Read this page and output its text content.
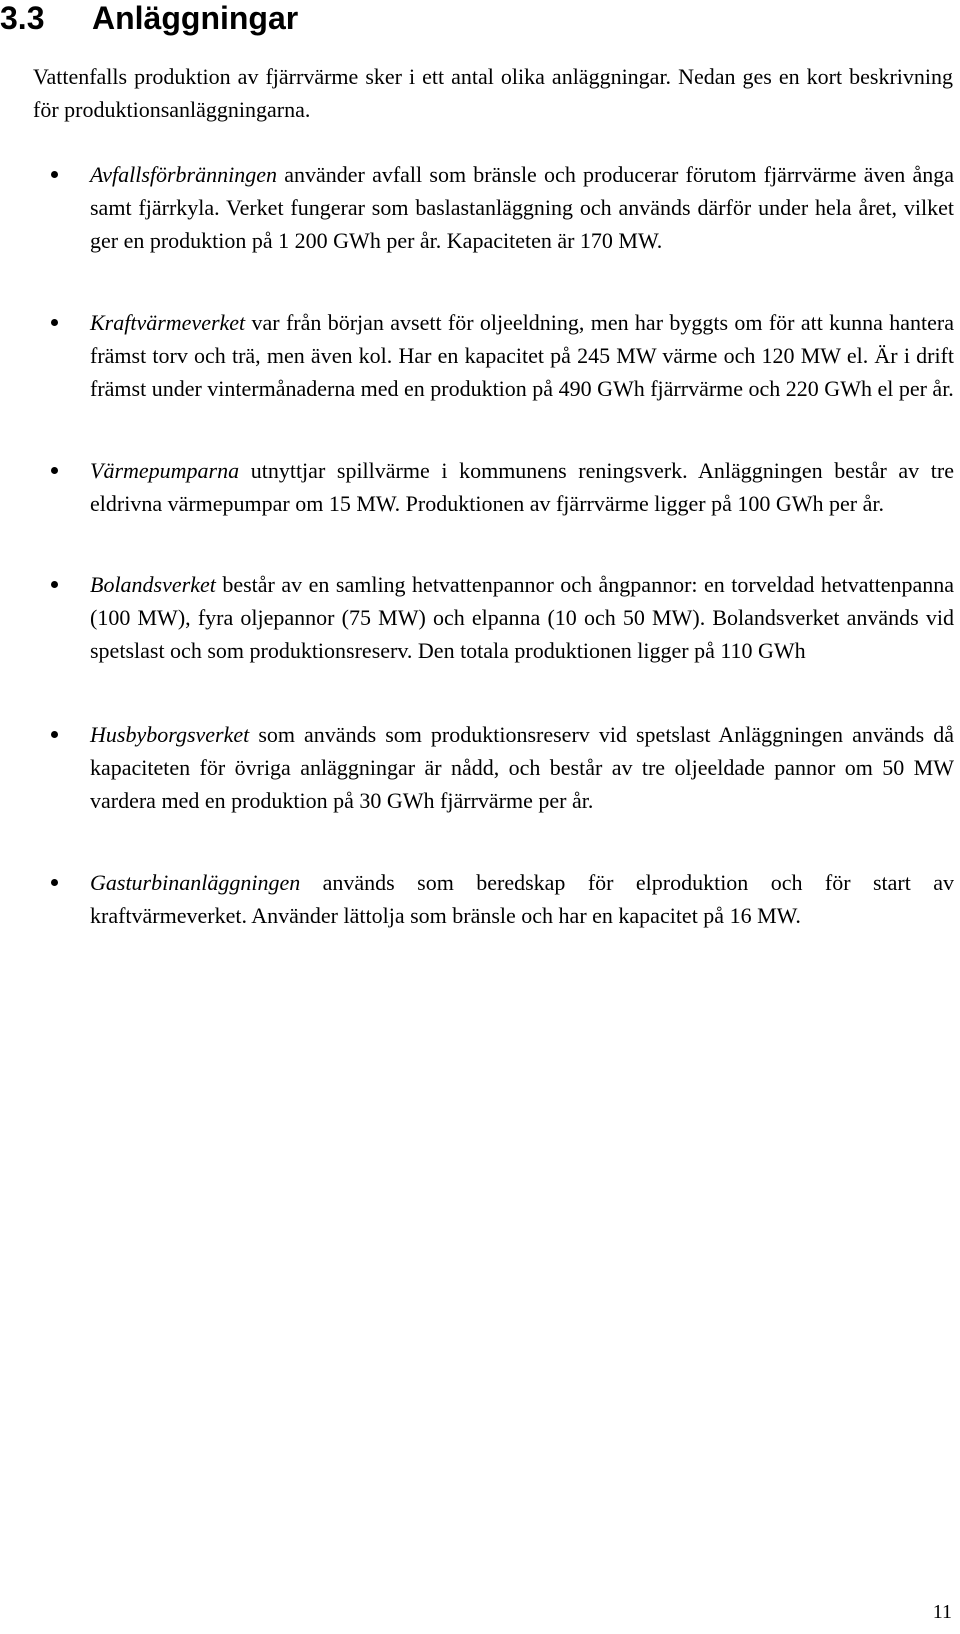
3.3 Anläggningar

Vattenfalls produktion av fjärrvärme sker i ett antal olika anläggningar. Nedan ges en kort beskrivning för produktionsanläggningarna.

Avfallsförbränningen använder avfall som bränsle och producerar förutom fjärrvärme även ånga samt fjärrkyla. Verket fungerar som baslastanläggning och används därför under hela året, vilket ger en produktion på 1 200 GWh per år. Kapaciteten är 170 MW.

Kraftvärmeverket var från början avsett för oljeeldning, men har byggts om för att kunna hantera främst torv och trä, men även kol. Har en kapacitet på 245 MW värme och 120 MW el. Är i drift främst under vintermånaderna med en produktion på 490 GWh fjärrvärme och 220 GWh el per år.

Värmepumparna utnyttjar spillvärme i kommunens reningsverk. Anläggningen består av tre eldrivna värmepumpar om 15 MW. Produktionen av fjärrvärme ligger på 100 GWh per år.

Bolandsverket består av en samling hetvattenpannor och ångpannor: en torveldad hetvattenpanna (100 MW), fyra oljepannor (75 MW) och elpanna (10 och 50 MW). Bolandsverket används vid spetslast och som produktionsreserv. Den totala produktionen ligger på 110 GWh

Husbyborgsverket som används som produktionsreserv vid spetslast Anläggningen används då kapaciteten för övriga anläggningar är nådd, och består av tre oljeeldade pannor om 50 MW vardera med en produktion på 30 GWh fjärrvärme per år.

Gasturbinanläggningen används som beredskap för elproduktion och för start av kraftvärmeverket. Använder lättolja som bränsle och har en kapacitet på 16 MW.

11
